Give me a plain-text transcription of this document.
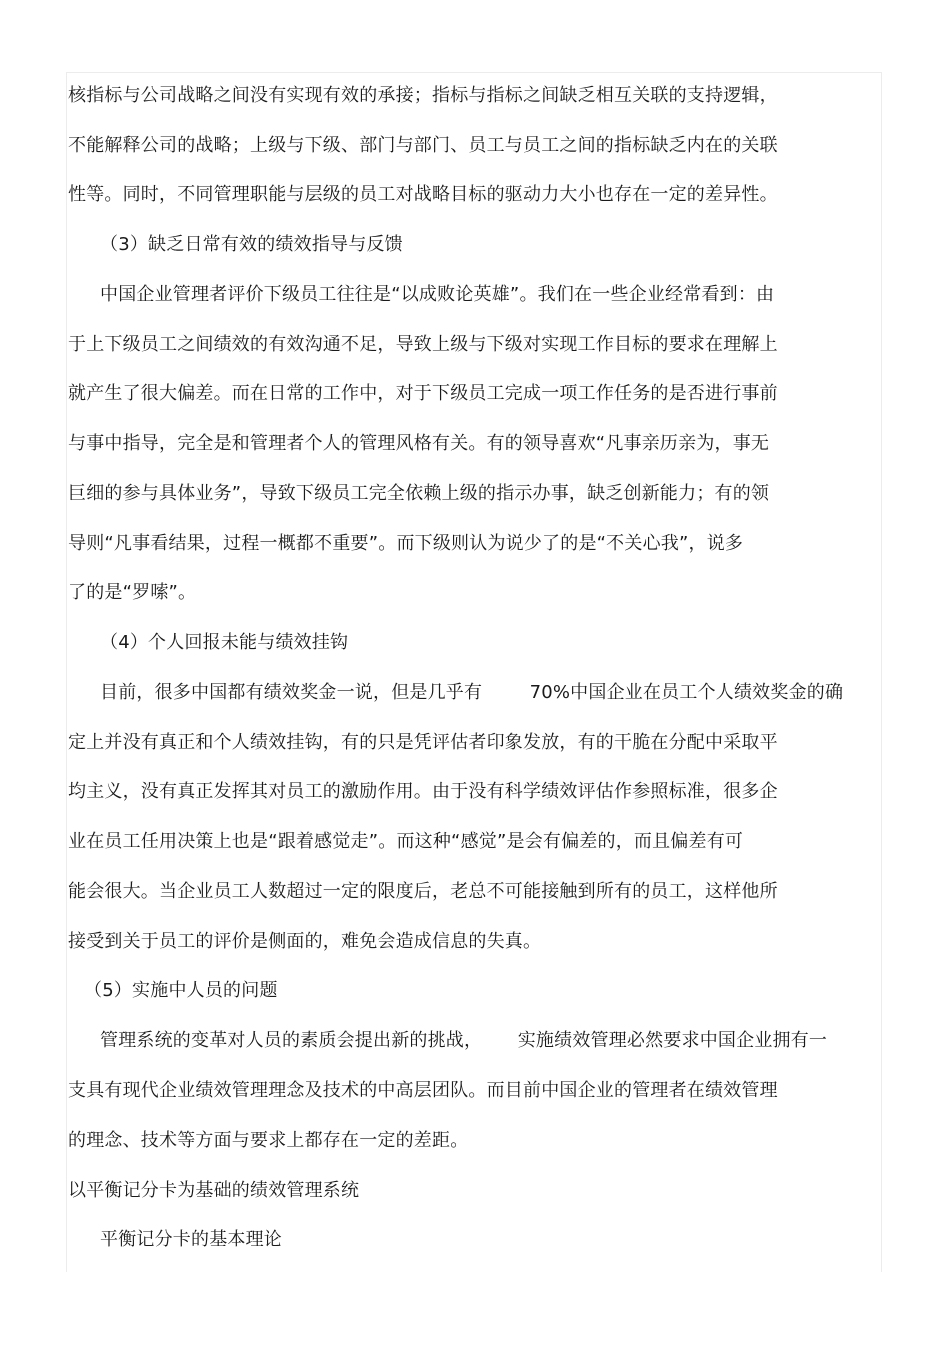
核指标与公司战略之间没有实现有效的承接；指标与指标之间缺乏相互关联的支持逻辑，
不能解释公司的战略；上级与下级、部门与部门、员工与员工之间的指标缺乏内在的关联
性等。同时，不同管理职能与层级的员工对战略目标的驱动力大小也存在一定的差异性。
（3）缺乏日常有效的绩效指导与反馈
中国企业管理者评价下级员工往往是“以成败论英雄”。我们在一些企业经常看到：由
于上下级员工之间绩效的有效沟通不足，导致上级与下级对实现工作目标的要求在理解上
就产生了很大偏差。而在日常的工作中，对于下级员工完成一项工作任务的是否进行事前
与事中指导，完全是和管理者个人的管理风格有关。有的领导喜欢“凡事亲历亲为，事无
巨细的参与具体业务”，导致下级员工完全依赖上级的指示办事，缺乏创新能力；有的领
导则“凡事看结果，过程一概都不重要”。而下级则认为说少了的是“不关心我”，说多
了的是“罗嗦”。
（4）个人回报未能与绩效挂钩
目前，很多中国都有绩效奖金一说，但是几乎有        70%中国企业在员工个人绩效奖金的确
定上并没有真正和个人绩效挂钩，有的只是凭评估者印象发放，有的干脆在分配中采取平
均主义，没有真正发挥其对员工的激励作用。由于没有科学绩效评估作参照标准，很多企
业在员工任用决策上也是“跟着感觉走”。而这种“感觉”是会有偏差的，而且偏差有可
能会很大。当企业员工人数超过一定的限度后，老总不可能接触到所有的员工，这样他所
接受到关于员工的评价是侧面的，难免会造成信息的失真。
（5）实施中人员的问题
管理系统的变革对人员的素质会提出新的挑战，      实施绩效管理必然要求中国企业拥有一
支具有现代企业绩效管理理念及技术的中高层团队。而目前中国企业的管理者在绩效管理
的理念、技术等方面与要求上都存在一定的差距。
以平衡记分卡为基础的绩效管理系统
平衡记分卡的基本理论
